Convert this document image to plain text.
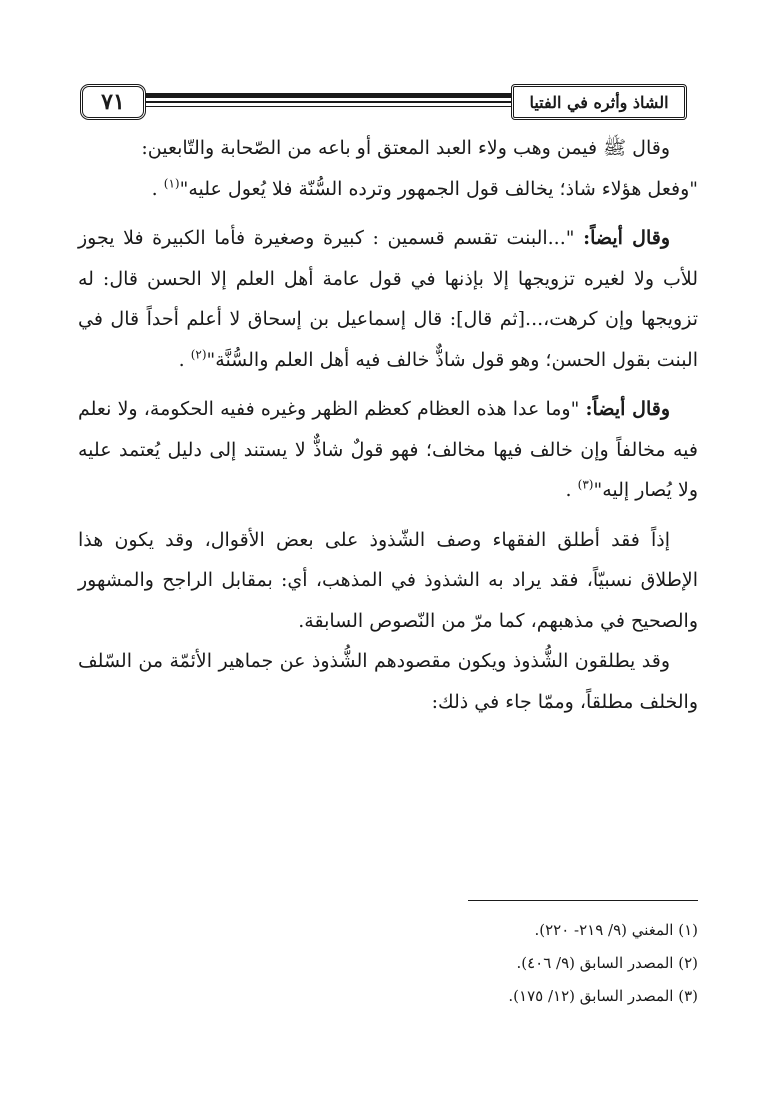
٧١	الشاذ وأثره في الفتيا

وقال ﷺ فيمن وهب ولاء العبد المعتق أو باعه من الصّحابة والتّابعين:

"وفعل هؤلاء شاذ؛ يخالف قول الجمهور وترده السُّنّة فلا يُعول عليه"$^{(١)}$ .

وقال أيضاً: "...البنت تقسم قسمين : كبيرة وصغيرة فأما الكبيرة فلا يجوز للأب ولا لغيره تزويجها إلا بإذنها في قول عامة أهل العلم إلا الحسن قال: له تزويجها وإن كرهت،...[ثم قال]: قال إسماعيل بن إسحاق لا أعلم أحداً قال في البنت بقول الحسن؛ وهو قول شاذٌّ خالف فيه أهل العلم والسُّنَّة"$^{(٢)}$ .

وقال أيضاً: "وما عدا هذه العظام كعظم الظهر وغيره ففيه الحكومة، ولا نعلم فيه مخالفاً وإن خالف فيها مخالف؛ فهو قولٌ شاذٌّ لا يستند إلى دليل يُعتمد عليه ولا يُصار إليه"$^{(٣)}$ .

إذاً فقد أطلق الفقهاء وصف الشّذوذ على بعض الأقوال، وقد يكون هذا الإطلاق نسبيّاً، فقد يراد به الشذوذ في المذهب، أي: بمقابل الراجح والمشهور والصحيح في مذهبهم، كما مرّ من النّصوص السابقة.

وقد يطلقون الشُّذوذ ويكون مقصودهم الشُّذوذ عن جماهير الأئمّة من السّلف والخلف مطلقاً، وممّا جاء في ذلك:

(١) المغني (٩/ ٢١٩- ٢٢٠).
(٢) المصدر السابق (٩/ ٤٠٦).
(٣) المصدر السابق (١٢/ ١٧٥).
